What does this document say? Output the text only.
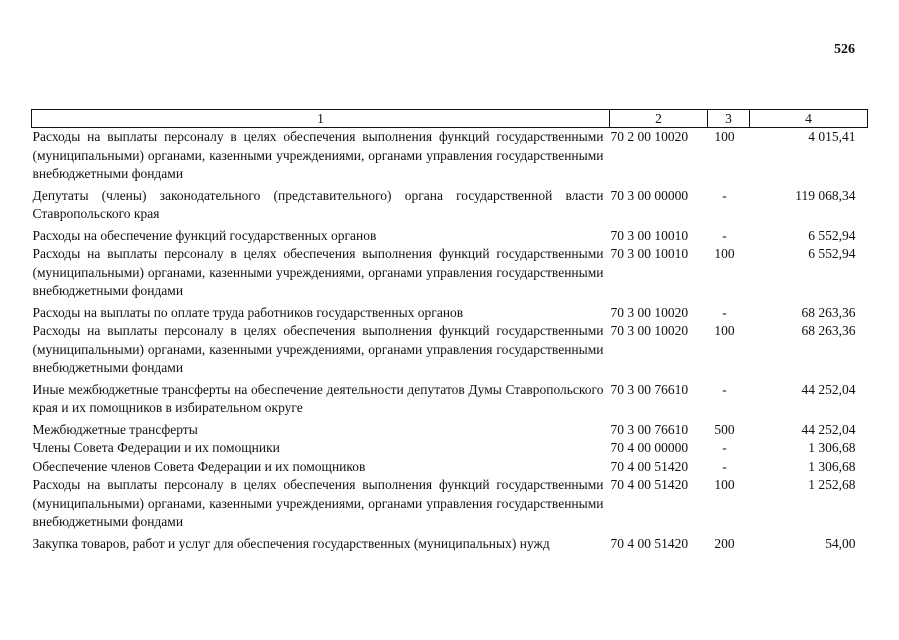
526
1	2	3	4
Расходы на выплаты персоналу в целях обеспечения выполнения функций государственными (муниципальными) органами, казенными учреждениями, органами управления государственными внебюджетными фондами	70 2 00 10020	100	4 015,41
Депутаты (члены) законодательного (представительного) органа государственной власти Ставропольского края	70 3 00 00000	-	119 068,34
Расходы на обеспечение функций государственных органов	70 3 00 10010	-	6 552,94
Расходы на выплаты персоналу в целях обеспечения выполнения функций государственными (муниципальными) органами, казенными учреждениями, органами управления государственными внебюджетными фондами	70 3 00 10010	100	6 552,94
Расходы на выплаты по оплате труда работников государственных органов	70 3 00 10020	-	68 263,36
Расходы на выплаты персоналу в целях обеспечения выполнения функций государственными (муниципальными) органами, казенными учреждениями, органами управления государственными внебюджетными фондами	70 3 00 10020	100	68 263,36
Иные межбюджетные трансферты на обеспечение деятельности депутатов Думы Ставропольского края и их помощников в избирательном округе	70 3 00 76610	-	44 252,04
Межбюджетные трансферты	70 3 00 76610	500	44 252,04
Члены Совета Федерации и их помощники	70 4 00 00000	-	1 306,68
Обеспечение членов Совета Федерации и их помощников	70 4 00 51420	-	1 306,68
Расходы на выплаты персоналу в целях обеспечения выполнения функций государственными (муниципальными) органами, казенными учреждениями, органами управления государственными внебюджетными фондами	70 4 00 51420	100	1 252,68
Закупка товаров, работ и услуг для обеспечения государственных (муниципальных) нужд	70 4 00 51420	200	54,00
